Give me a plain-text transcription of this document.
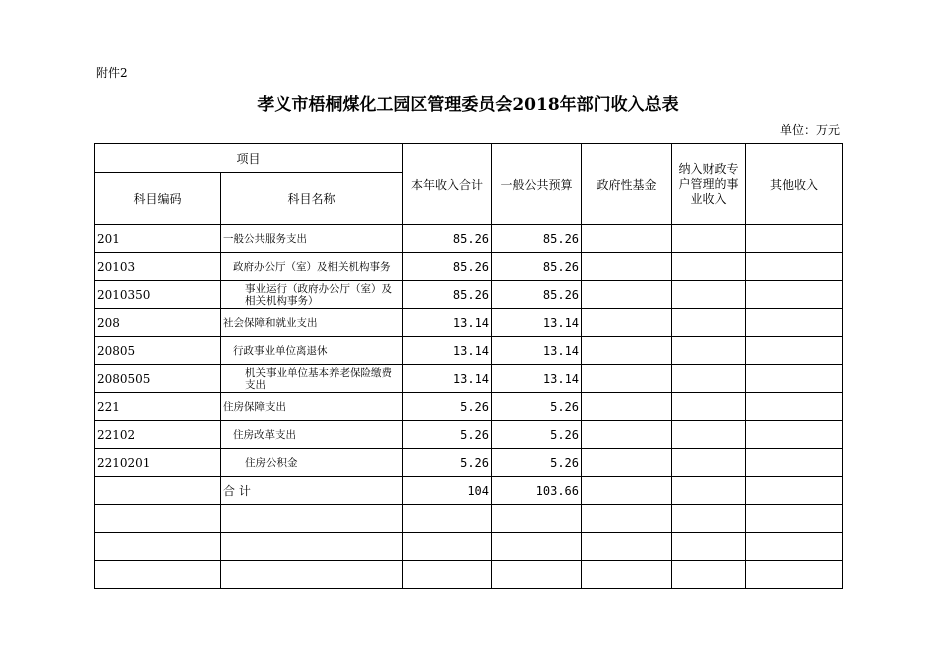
附件2
孝义市梧桐煤化工园区管理委员会2018年部门收入总表
单位：万元
项目		本年收入合计	一般公共预算	政府性基金	纳入财政专户管理的事业收入	其他收入
科目编码	科目名称					
201	一般公共服务支出	85.26	85.26			
20103	政府办公厅（室）及相关机构事务	85.26	85.26			
2010350	事业运行（政府办公厅（室）及相关机构事务）	85.26	85.26			
208	社会保障和就业支出	13.14	13.14			
20805	行政事业单位离退休	13.14	13.14			
2080505	机关事业单位基本养老保险缴费支出	13.14	13.14			
221	住房保障支出	5.26	5.26			
22102	住房改革支出	5.26	5.26			
2210201	住房公积金	5.26	5.26			
	合 计	104	103.66			
